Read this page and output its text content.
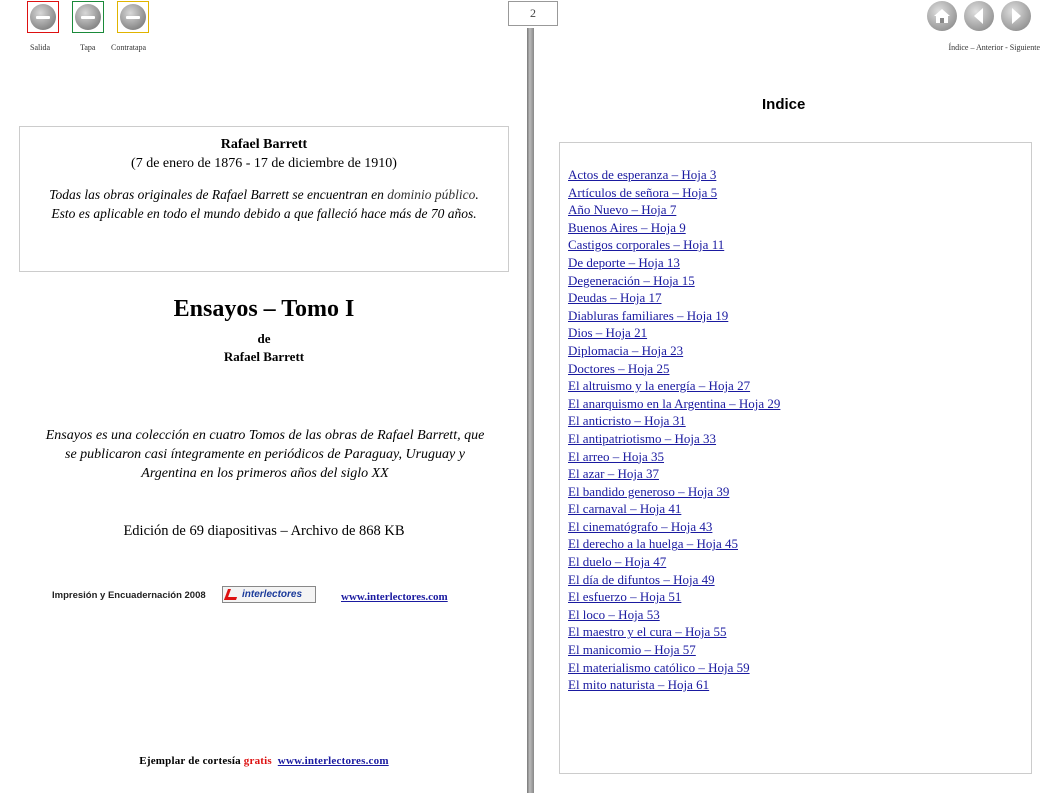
Salida	Tapa Contratapa
2
Índice – Anterior - Siguiente
Rafael Barrett
(7 de enero de 1876 - 17 de diciembre de 1910)
Todas las obras originales de Rafael Barrett se encuentran en dominio público.
Esto es aplicable en todo el mundo debido a que falleció hace más de 70 años.
Ensayos – Tomo I
de
Rafael Barrett
Ensayos es una colección en cuatro Tomos de las obras de Rafael Barrett, que se publicaron casi íntegramente en periódicos de Paraguay, Uruguay y Argentina en los primeros años del siglo XX
Edición de 69 diapositivas – Archivo de 868 KB
Impresión y Encuadernación 2008	interlectores	www.interlectores.com
Ejemplar de cortesía gratis www.interlectores.com
Indice
Actos de esperanza – Hoja 3
Artículos de señora – Hoja 5
Año Nuevo – Hoja 7
Buenos Aires – Hoja 9
Castigos corporales – Hoja 11
De deporte – Hoja 13
Degeneración – Hoja 15
Deudas – Hoja 17
Diabluras familiares – Hoja 19
Dios – Hoja 21
Diplomacia – Hoja 23
Doctores – Hoja 25
El altruismo y la energía – Hoja 27
El anarquismo en la Argentina – Hoja 29
El anticristo – Hoja 31
El antipatriotismo – Hoja 33
El arreo – Hoja 35
El azar – Hoja 37
El bandido generoso – Hoja 39
El carnaval – Hoja 41
El cinematógrafo – Hoja 43
El derecho a la huelga – Hoja 45
El duelo – Hoja 47
El día de difuntos – Hoja 49
El esfuerzo – Hoja 51
El loco – Hoja 53
El maestro y el cura – Hoja 55
El manicomio – Hoja 57
El materialismo católico – Hoja 59
El mito naturista – Hoja 61
